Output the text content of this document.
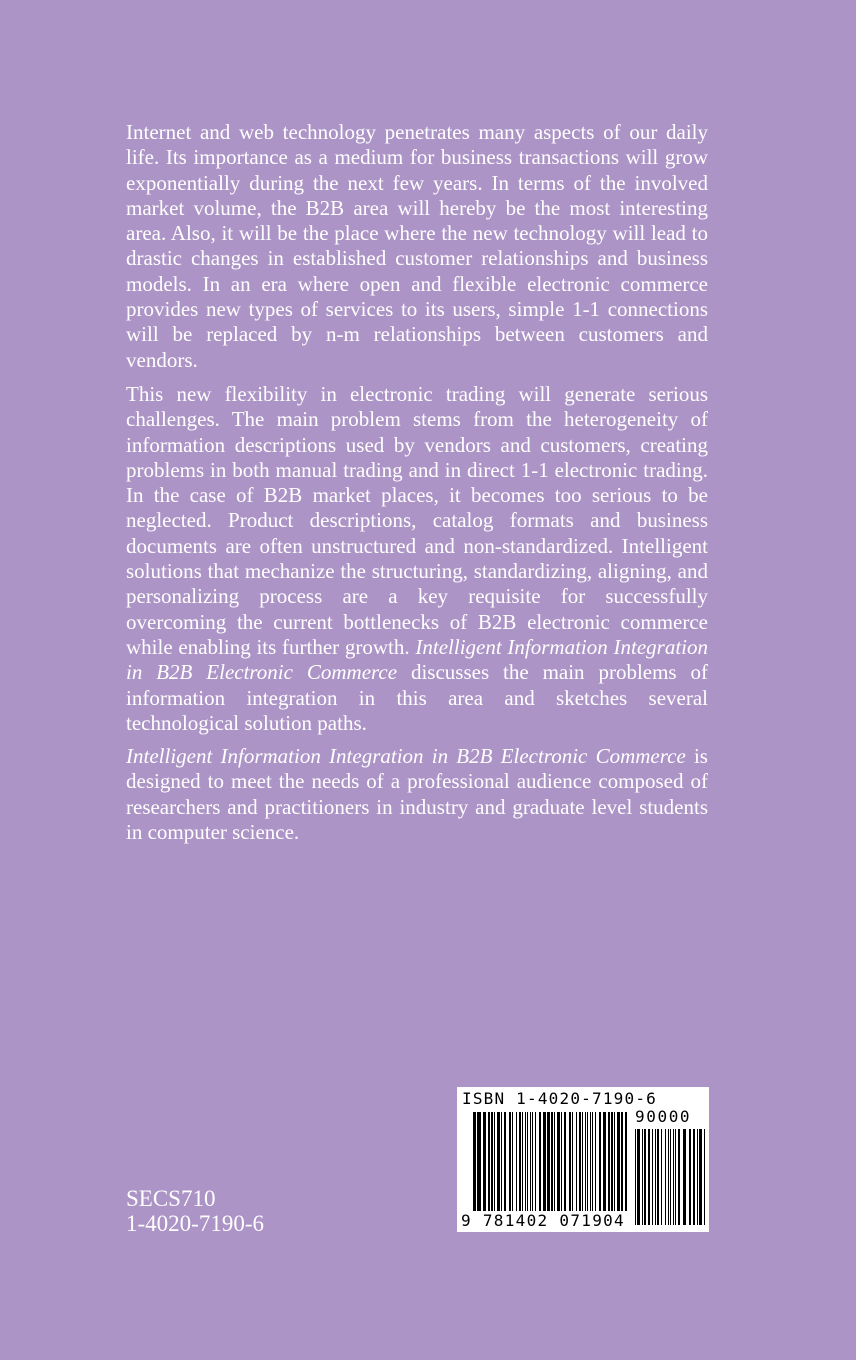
Internet and web technology penetrates many aspects of our daily life. Its importance as a medium for business transactions will grow exponentially during the next few years. In terms of the involved market volume, the B2B area will hereby be the most interesting area. Also, it will be the place where the new technology will lead to drastic changes in established customer relationships and business models. In an era where open and flexible electronic commerce provides new types of services to its users, simple 1-1 connections will be replaced by n-m relationships between customers and vendors.

This new flexibility in electronic trading will generate serious challenges. The main problem stems from the heterogeneity of information descriptions used by vendors and customers, creating problems in both manual trading and in direct 1-1 electronic trading. In the case of B2B market places, it becomes too serious to be neglected. Product descriptions, catalog formats and business documents are often unstructured and non-standardized. Intelligent solutions that mechanize the structuring, standardizing, aligning, and personalizing process are a key requisite for successfully overcoming the current bottlenecks of B2B electronic commerce while enabling its further growth. Intelligent Information Integration in B2B Electronic Commerce discusses the main problems of information integration in this area and sketches several technological solution paths.

Intelligent Information Integration in B2B Electronic Commerce is designed to meet the needs of a professional audience composed of researchers and practitioners in industry and graduate level students in computer science.

SECS710
1-4020-7190-6
ISBN 1-4020-7190-6
90000
9 781402 071904
